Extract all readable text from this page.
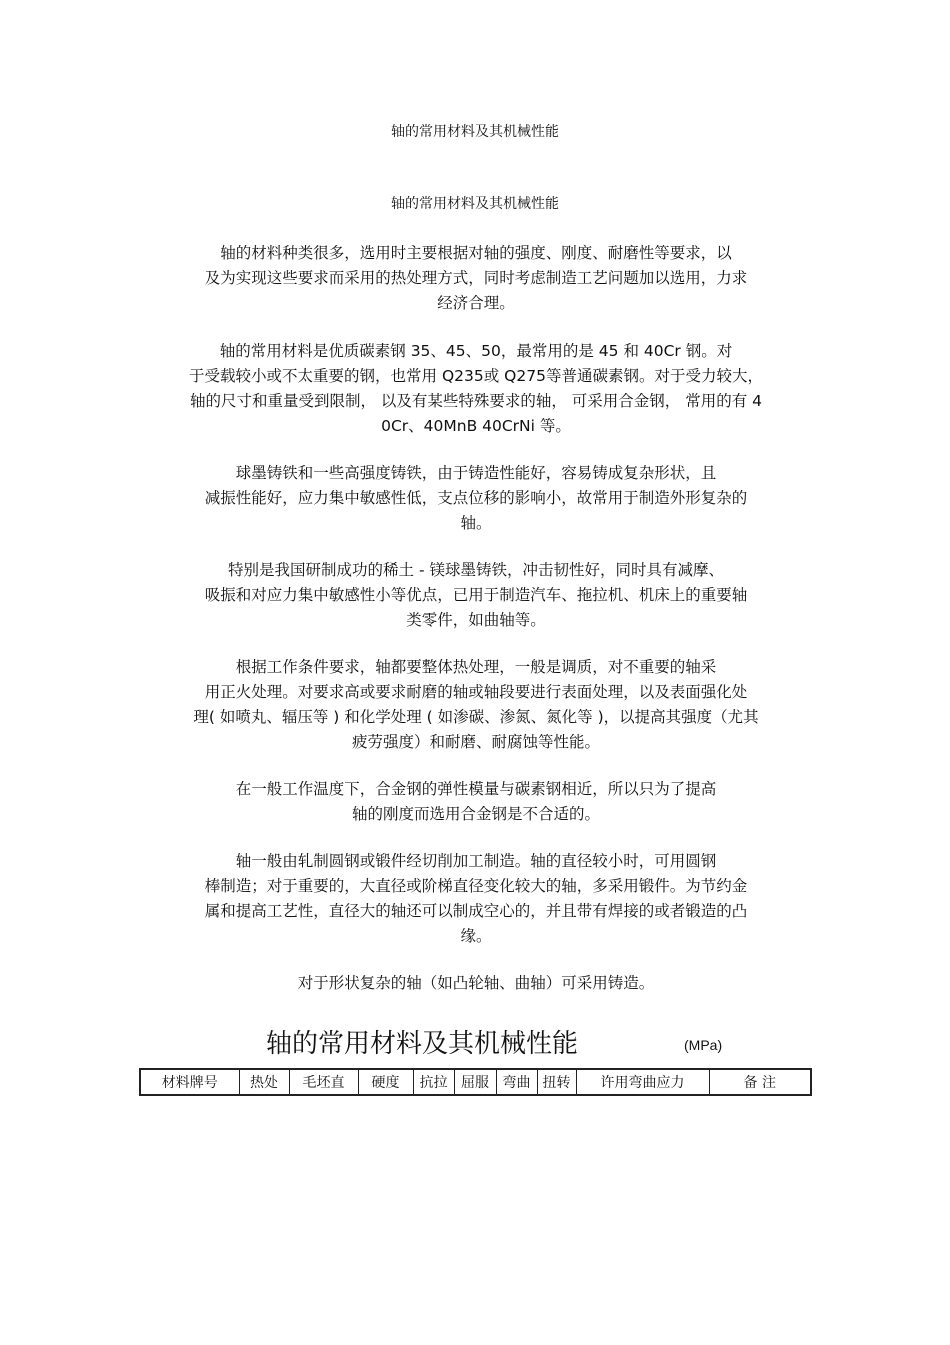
轴的常用材料及其机械性能
轴的常用材料及其机械性能

轴的材料种类很多，选用时主要根据对轴的强度、刚度、耐磨性等要求，以

及为实现这些要求而采用的热处理方式，同时考虑制造工艺问题加以选用，力求

经济合理。

轴的常用材料是优质碳素钢 35、45、50，最常用的是 45 和 40Cr 钢。对

于受载较小或不太重要的钢，也常用 Q235或 Q275等普通碳素钢。对于受力较大，

轴的尺寸和重量受到限制， 以及有某些特殊要求的轴， 可采用合金钢， 常用的有 4

0Cr、40MnB 40CrNi 等。

球墨铸铁和一些高强度铸铁，由于铸造性能好，容易铸成复杂形状，且

减振性能好，应力集中敏感性低，支点位移的影响小，故常用于制造外形复杂的

轴。

特别是我国研制成功的稀土 - 镁球墨铸铁，冲击韧性好，同时具有减摩、

吸振和对应力集中敏感性小等优点，已用于制造汽车、拖拉机、机床上的重要轴

类零件，如曲轴等。

根据工作条件要求，轴都要整体热处理，一般是调质，对不重要的轴采

用正火处理。对要求高或要求耐磨的轴或轴段要进行表面处理，以及表面强化处

理( 如喷丸、辐压等 ) 和化学处理 ( 如渗碳、渗氮、氮化等 )，以提高其强度（尤其

疲劳强度）和耐磨、耐腐蚀等性能。

在一般工作温度下，合金钢的弹性模量与碳素钢相近，所以只为了提高

轴的刚度而选用合金钢是不合适的。

轴一般由轧制圆钢或锻件经切削加工制造。轴的直径较小时，可用圆钢

棒制造；对于重要的，大直径或阶梯直径变化较大的轴，多采用锻件。为节约金

属和提高工艺性，直径大的轴还可以制成空心的，并且带有焊接的或者锻造的凸

缘。

对于形状复杂的轴（如凸轮轴、曲轴）可采用铸造。

轴的常用材料及其机械性能	(MPa)
材料牌号	热处	毛坯直	硬度	抗拉	屈服	弯曲	扭转	许用弯曲应力	备 注
